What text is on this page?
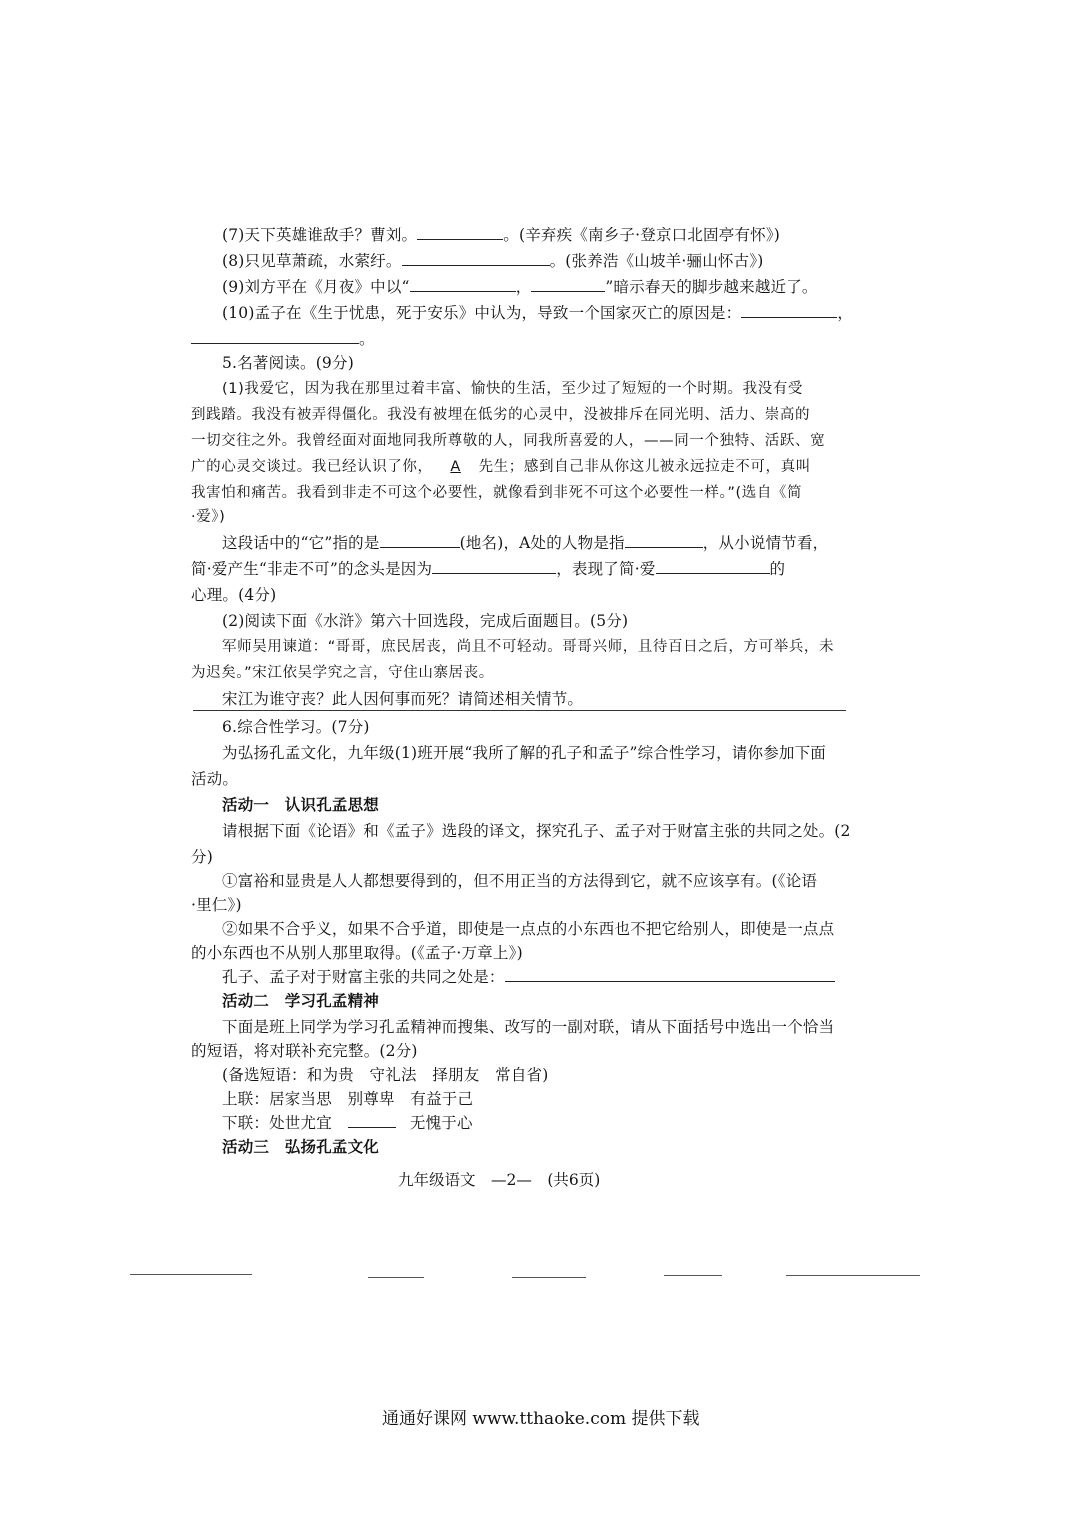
(7)天下英雄谁敌手？曹刘。	。(辛弃疾《南乡子·登京口北固亭有怀》)
(8)只见草萧疏，水萦纡。	。(张养浩《山坡羊·骊山怀古》)
(9)刘方平在《月夜》中以“	，	”暗示春天的脚步越来越近了。
(10)孟子在《生于忧患，死于安乐》中认为，导致一个国家灭亡的原因是：	，
。
5.名著阅读。(9分)
(1)我爱它，因为我在那里过着丰富、愉快的生活，至少过了短短的一个时期。我没有受
到践踏。我没有被弄得僵化。我没有被埋在低劣的心灵中，没被排斥在同光明、活力、崇高的
一切交往之外。我曾经面对面地同我所尊敬的人，同我所喜爱的人，——同一个独特、活跃、宽
广的心灵交谈过。我已经认识了你， A 先生；感到自己非从你这儿被永远拉走不可，真叫
我害怕和痛苦。我看到非走不可这个必要性，就像看到非死不可这个必要性一样。”(选自《简
·爱》)
这段话中的“它”指的是	(地名)，A处的人物是指	，从小说情节看，
简·爱产生“非走不可”的念头是因为	，表现了简·爱	的
心理。(4分)
(2)阅读下面《水浒》第六十回选段，完成后面题目。(5分)
军师吴用谏道：“哥哥，庶民居丧，尚且不可轻动。哥哥兴师，且待百日之后，方可举兵，未
为迟矣。”宋江依吴学究之言，守住山寨居丧。
宋江为谁守丧？此人因何事而死？请简述相关情节。
6.综合性学习。(7分)
为弘扬孔孟文化，九年级(1)班开展“我所了解的孔子和孟子”综合性学习，请你参加下面
活动。
活动一　认识孔孟思想
请根据下面《论语》和《孟子》选段的译文，探究孔子、孟子对于财富主张的共同之处。(2
分)
①富裕和显贵是人人都想要得到的，但不用正当的方法得到它，就不应该享有。(《论语
·里仁》)
②如果不合乎义，如果不合乎道，即使是一点点的小东西也不把它给别人，即使是一点点
的小东西也不从别人那里取得。(《孟子·万章上》)
孔子、孟子对于财富主张的共同之处是：
活动二　学习孔孟精神
下面是班上同学为学习孔孟精神而搜集、改写的一副对联，请从下面括号中选出一个恰当
的短语，将对联补充完整。(2分)
(备选短语：和为贵　守礼法　择朋友　常自省)
上联：居家当思　别尊卑　有益于己
下联：处世尤宜	无愧于心
活动三　弘扬孔孟文化
九年级语文　—2—　(共6页)
通通好课网 www.tthaoke.com 提供下载
